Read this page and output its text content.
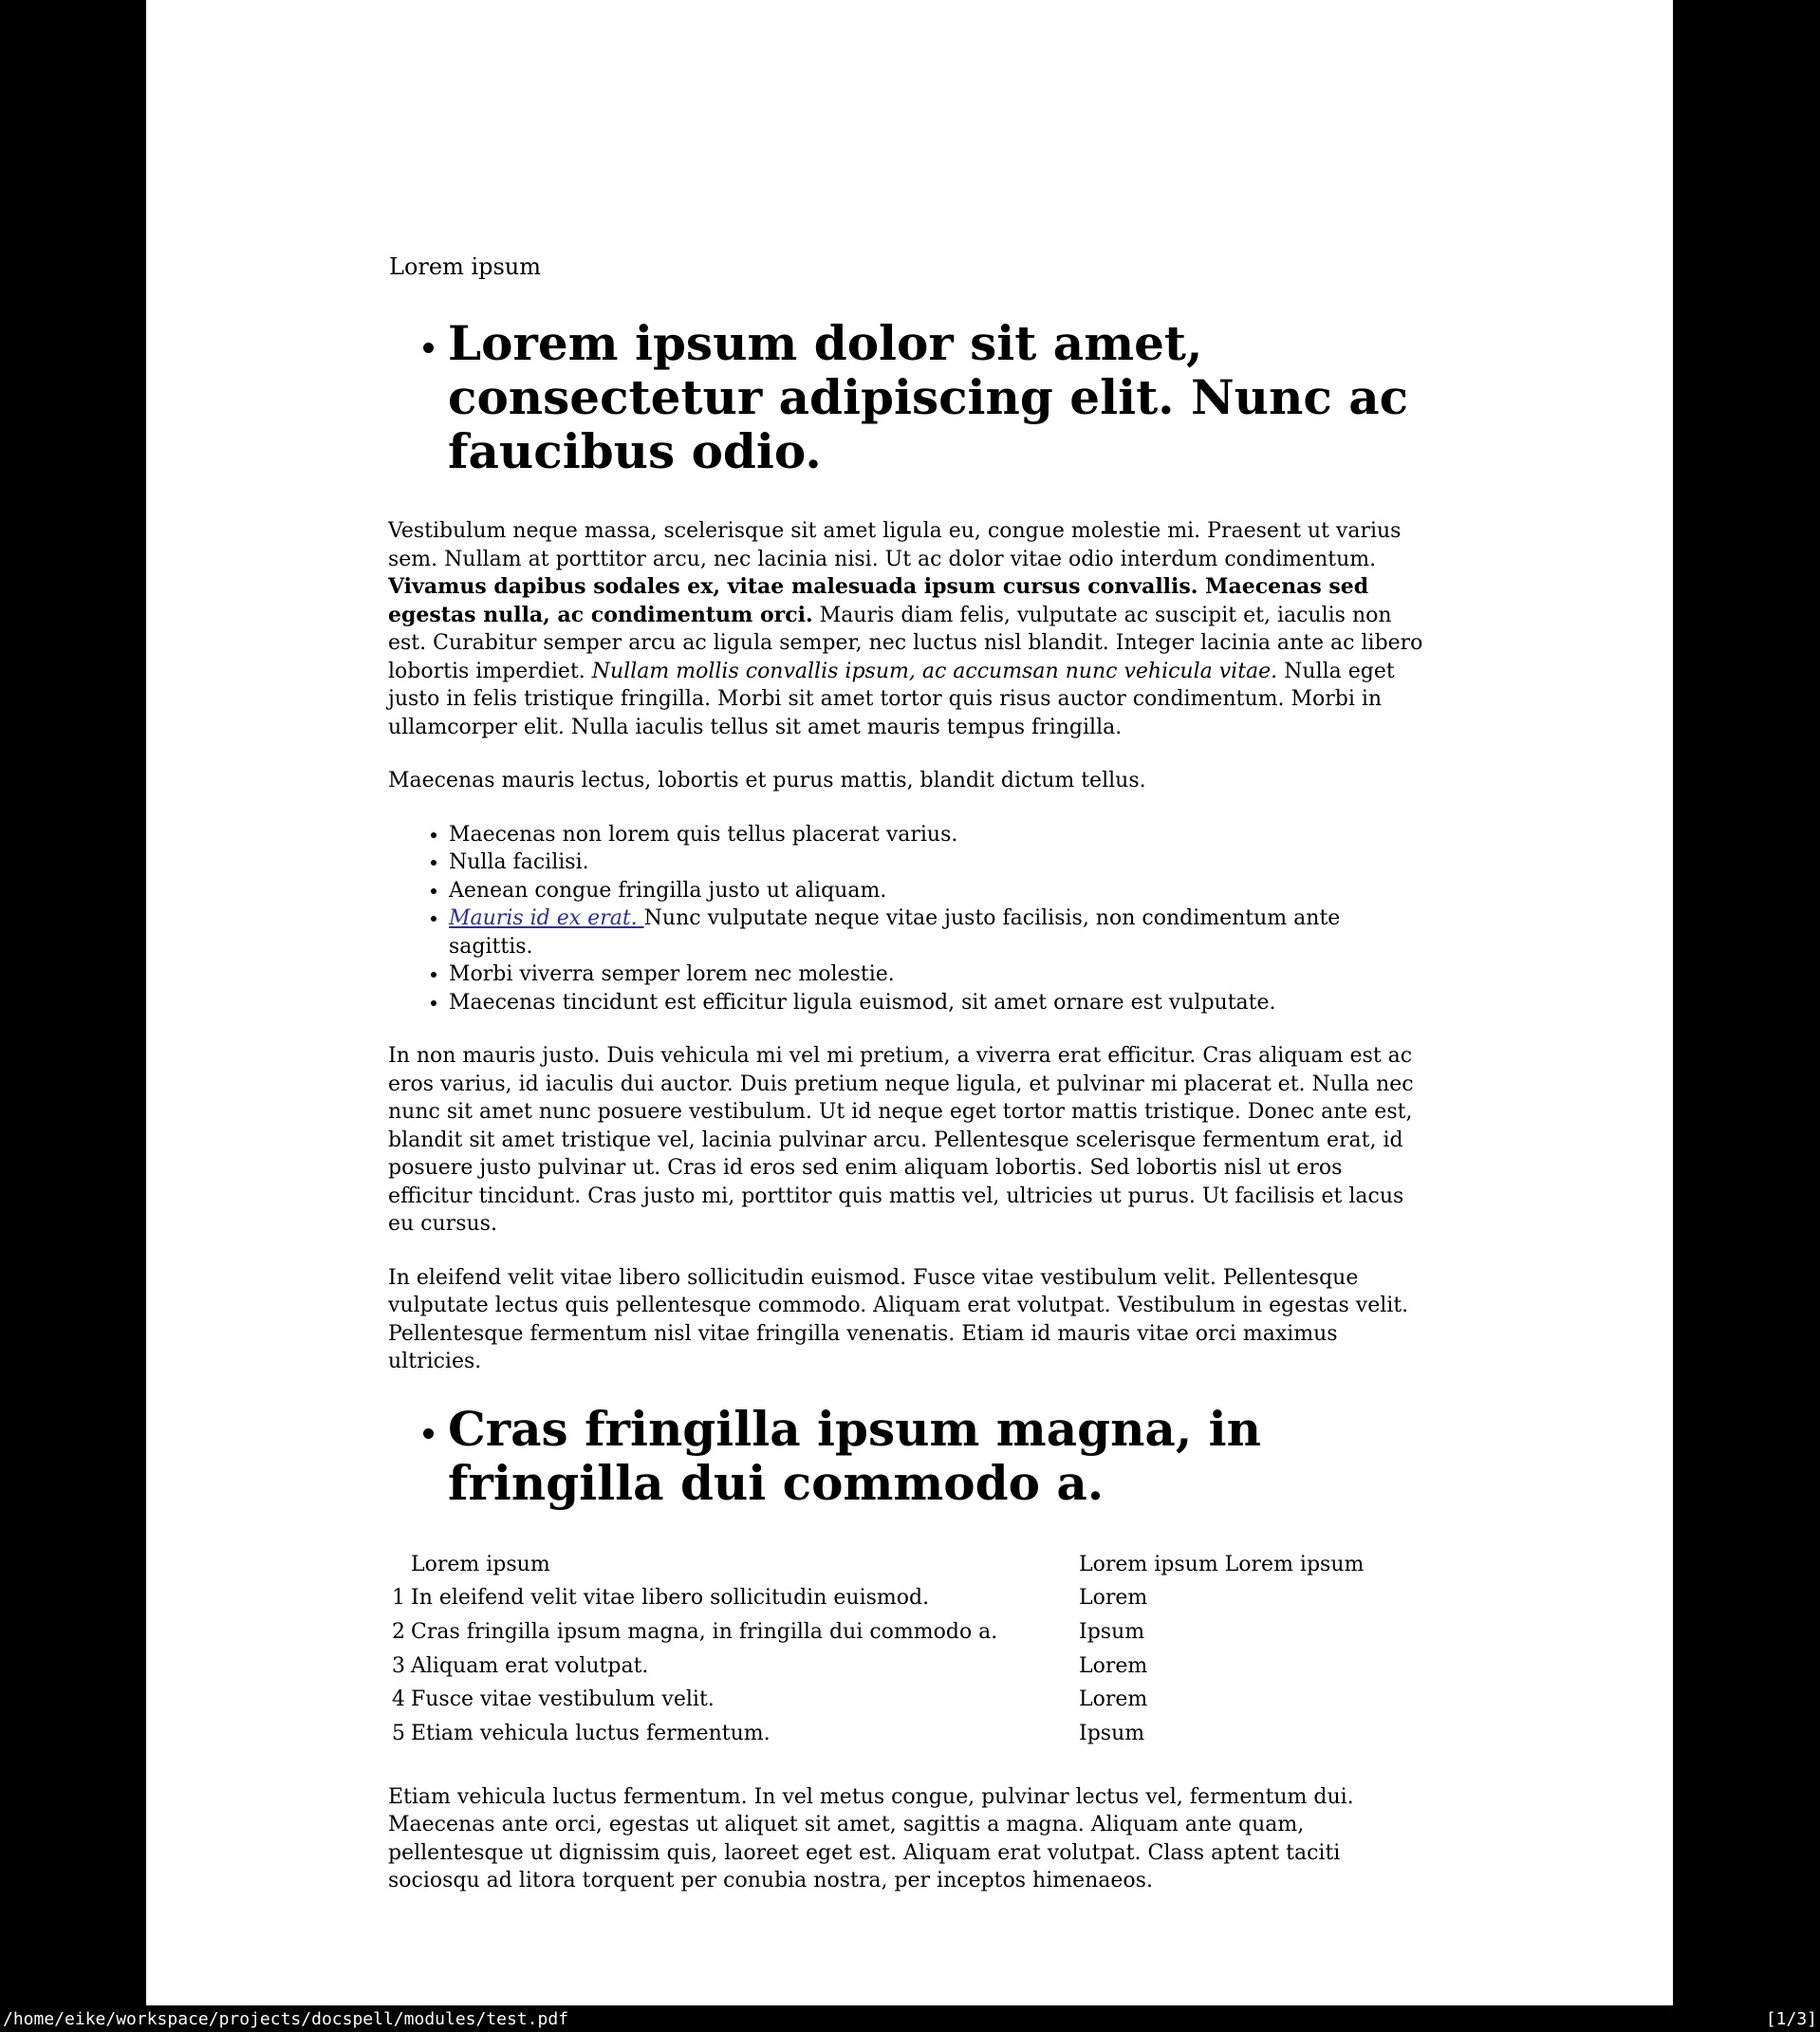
Lorem ipsum

Lorem ipsum dolor sit amet, consectetur adipiscing elit. Nunc ac faucibus odio.

Vestibulum neque massa, scelerisque sit amet ligula eu, congue molestie mi. Praesent ut varius sem. Nullam at porttitor arcu, nec lacinia nisi. Ut ac dolor vitae odio interdum condimentum. Vivamus dapibus sodales ex, vitae malesuada ipsum cursus convallis. Maecenas sed egestas nulla, ac condimentum orci. Mauris diam felis, vulputate ac suscipit et, iaculis non est. Curabitur semper arcu ac ligula semper, nec luctus nisl blandit. Integer lacinia ante ac libero lobortis imperdiet. Nullam mollis convallis ipsum, ac accumsan nunc vehicula vitae. Nulla eget justo in felis tristique fringilla. Morbi sit amet tortor quis risus auctor condimentum. Morbi in ullamcorper elit. Nulla iaculis tellus sit amet mauris tempus fringilla.

Maecenas mauris lectus, lobortis et purus mattis, blandit dictum tellus.

• Maecenas non lorem quis tellus placerat varius.
• Nulla facilisi.
• Aenean congue fringilla justo ut aliquam.
• Mauris id ex erat. Nunc vulputate neque vitae justo facilisis, non condimentum ante sagittis.
• Morbi viverra semper lorem nec molestie.
• Maecenas tincidunt est efficitur ligula euismod, sit amet ornare est vulputate.

In non mauris justo. Duis vehicula mi vel mi pretium, a viverra erat efficitur. Cras aliquam est ac eros varius, id iaculis dui auctor. Duis pretium neque ligula, et pulvinar mi placerat et. Nulla nec nunc sit amet nunc posuere vestibulum. Ut id neque eget tortor mattis tristique. Donec ante est, blandit sit amet tristique vel, lacinia pulvinar arcu. Pellentesque scelerisque fermentum erat, id posuere justo pulvinar ut. Cras id eros sed enim aliquam lobortis. Sed lobortis nisl ut eros efficitur tincidunt. Cras justo mi, porttitor quis mattis vel, ultricies ut purus. Ut facilisis et lacus eu cursus.

In eleifend velit vitae libero sollicitudin euismod. Fusce vitae vestibulum velit. Pellentesque vulputate lectus quis pellentesque commodo. Aliquam erat volutpat. Vestibulum in egestas velit. Pellentesque fermentum nisl vitae fringilla venenatis. Etiam id mauris vitae orci maximus ultricies.

Cras fringilla ipsum magna, in fringilla dui commodo a.
	Lorem ipsum	Lorem ipsum Lorem ipsum
1	In eleifend velit vitae libero sollicitudin euismod.	Lorem
2	Cras fringilla ipsum magna, in fringilla dui commodo a.	Ipsum
3	Aliquam erat volutpat.	Lorem
4	Fusce vitae vestibulum velit.	Lorem
5	Etiam vehicula luctus fermentum.	Ipsum

Etiam vehicula luctus fermentum. In vel metus congue, pulvinar lectus vel, fermentum dui. Maecenas ante orci, egestas ut aliquet sit amet, sagittis a magna. Aliquam ante quam, pellentesque ut dignissim quis, laoreet eget est. Aliquam erat volutpat. Class aptent taciti sociosqu ad litora torquent per conubia nostra, per inceptos himenaeos.

/home/eike/workspace/projects/docspell/modules/test.pdf	[1/3]
